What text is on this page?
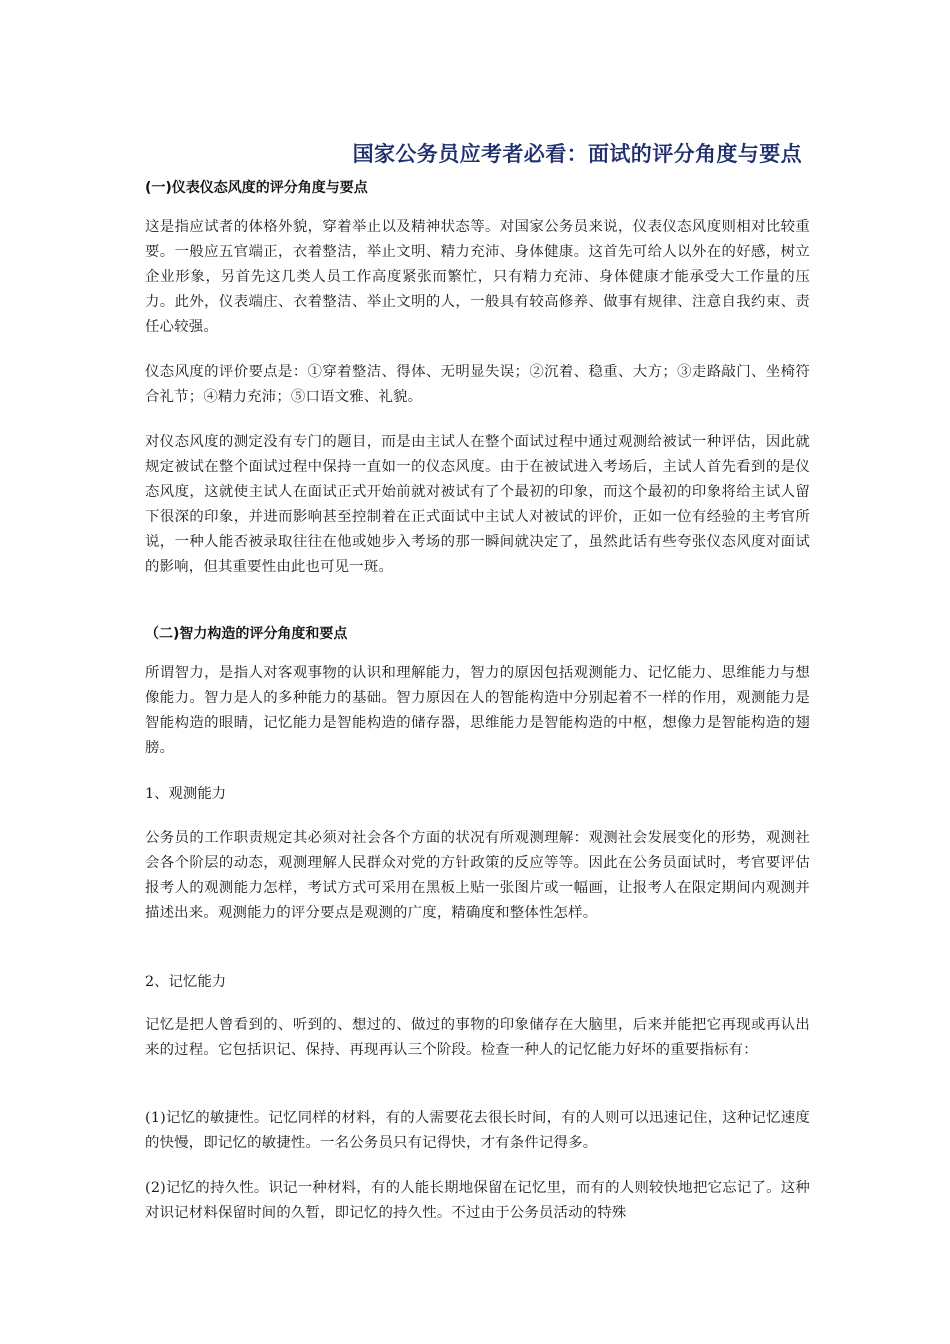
国家公务员应考者必看：面试的评分角度与要点
(一)仪表仪态风度的评分角度与要点

这是指应试者的体格外貌，穿着举止以及精神状态等。对国家公务员来说，仪表仪态风度则相对比较重要。一般应五官端正，衣着整洁，举止文明、精力充沛、身体健康。这首先可给人以外在的好感，树立企业形象，另首先这几类人员工作高度紧张而繁忙，只有精力充沛、身体健康才能承受大工作量的压力。此外，仪表端庄、衣着整洁、举止文明的人，一般具有较高修养、做事有规律、注意自我约束、责任心较强。

仪态风度的评价要点是：①穿着整洁、得体、无明显失误；②沉着、稳重、大方；③走路敲门、坐椅符合礼节；④精力充沛；⑤口语文雅、礼貌。

对仪态风度的测定没有专门的题目，而是由主试人在整个面试过程中通过观测给被试一种评估，因此就规定被试在整个面试过程中保持一直如一的仪态风度。由于在被试进入考场后，主试人首先看到的是仪态风度，这就使主试人在面试正式开始前就对被试有了个最初的印象，而这个最初的印象将给主试人留下很深的印象，并进而影响甚至控制着在正式面试中主试人对被试的评价，正如一位有经验的主考官所说，一种人能否被录取往往在他或她步入考场的那一瞬间就决定了，虽然此话有些夸张仪态风度对面试的影响，但其重要性由此也可见一斑。

（二)智力构造的评分角度和要点

所谓智力，是指人对客观事物的认识和理解能力，智力的原因包括观测能力、记忆能力、思维能力与想像能力。智力是人的多种能力的基础。智力原因在人的智能构造中分别起着不一样的作用，观测能力是智能构造的眼睛，记忆能力是智能构造的储存器，思维能力是智能构造的中枢，想像力是智能构造的翅膀。

1、观测能力

公务员的工作职责规定其必须对社会各个方面的状况有所观测理解：观测社会发展变化的形势，观测社会各个阶层的动态，观测理解人民群众对党的方针政策的反应等等。因此在公务员面试时，考官要评估报考人的观测能力怎样，考试方式可采用在黑板上贴一张图片或一幅画，让报考人在限定期间内观测并描述出来。观测能力的评分要点是观测的广度，精确度和整体性怎样。

2、记忆能力

记忆是把人曾看到的、听到的、想过的、做过的事物的印象储存在大脑里，后来并能把它再现或再认出来的过程。它包括识记、保持、再现再认三个阶段。检查一种人的记忆能力好坏的重要指标有：

(1)记忆的敏捷性。记忆同样的材料，有的人需要花去很长时间，有的人则可以迅速记住，这种记忆速度的快慢，即记忆的敏捷性。一名公务员只有记得快，才有条件记得多。

(2)记忆的持久性。识记一种材料，有的人能长期地保留在记忆里，而有的人则较快地把它忘记了。这种对识记材料保留时间的久暂，即记忆的持久性。不过由于公务员活动的特殊
